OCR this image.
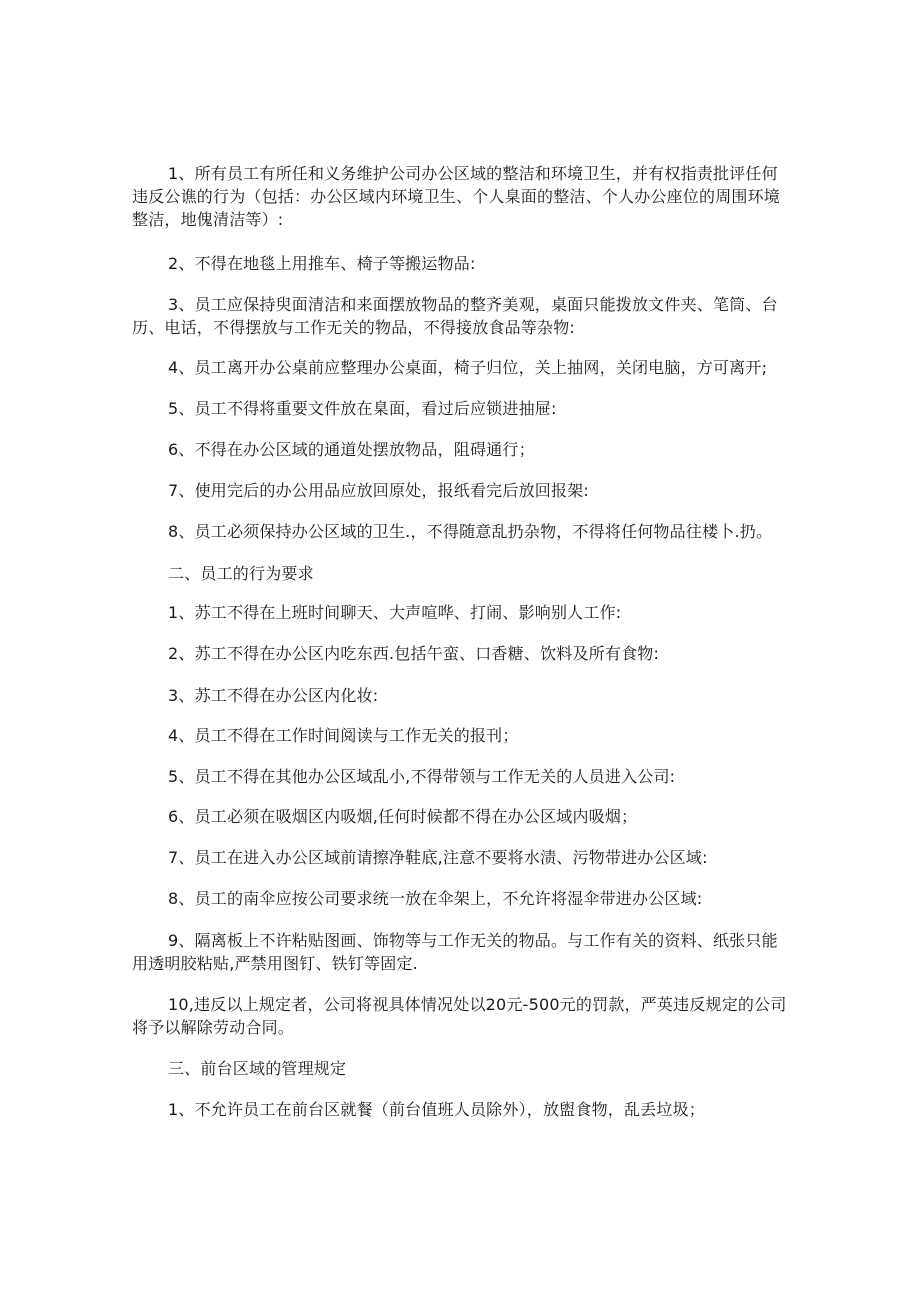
1、所有员工有所任和义务维护公司办公区域的整洁和环境卫生，并有权指责批评任何违反公谯的行为（包括：办公区域内环境卫生、个人臬面的整洁、个人办公座位的周围环境整洁，地傀清洁等）:

2、不得在地毯上用推车、椅子等搬运物品:

3、员工应保持臾面清洁和来面摆放物品的整齐美观，桌面只能拨放文件夹、笔筒、台历、电话，不得摆放与工作无关的物品，不得接放食品等杂物:

4、员工离开办公桌前应整理办公桌面，椅子归位，关上抽网，关闭电脑，方可离开;

5、员工不得将重要文件放在臬面，看过后应锁进抽屉:

6、不得在办公区域的通道处摆放物品，阻碍通行；

7、使用完后的办公用品应放回原处，报纸看完后放回报架:

8、员工必须保持办公区域的卫生.，不得随意乱扔杂物，不得将任何物品往楼卜.扔。

二、员工的行为要求

1、苏工不得在上班时间聊天、大声喧哗、打闹、影响别人工作:

2、苏工不得在办公区内吃东西.包括午蛮、口香糖、饮料及所有食物:

3、苏工不得在办公区内化妆:

4、员工不得在工作时间阅读与工作无关的报刊；

5、员工不得在其他办公区域乱小,不得带领与工作无关的人员进入公司:

6、员工必须在吸烟区内吸烟,任何时候都不得在办公区域内吸烟；

7、员工在进入办公区域前请擦净鞋底,注意不要将水渍、污物带进办公区域:

8、员工的南伞应按公司要求统一放在伞架上，不允许将湿伞带进办公区域:

9、隔离板上不许粘贴图画、饰物等与工作无关的物品。与工作有关的资料、纸张只能用透明胶粘贴,严禁用图钉、铁钉等固定.

10,违反以上规定者，公司将视具体情况处以20元-500元的罚款，严英违反规定的公司将予以解除劳动合同。

三、前台区域的管理规定

1、不允许员工在前台区就餐（前台值班人员除外），放盥食物，乱丢垃圾；
